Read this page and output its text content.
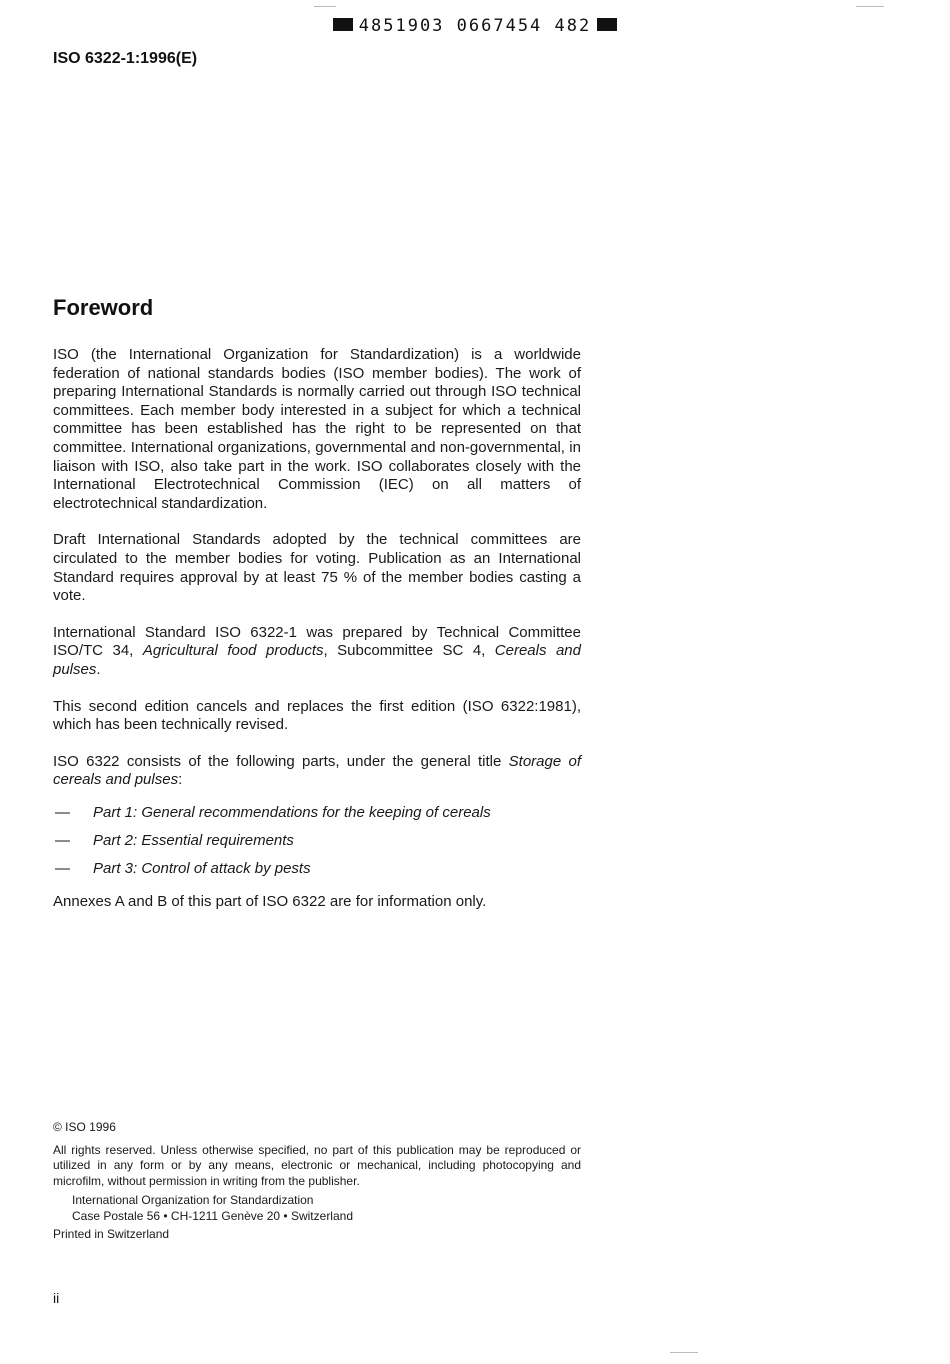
4851903 0667454 482
ISO 6322-1:1996(E)
Foreword

ISO (the International Organization for Standardization) is a worldwide federation of national standards bodies (ISO member bodies). The work of preparing International Standards is normally carried out through ISO technical committees. Each member body interested in a subject for which a technical committee has been established has the right to be represented on that committee. International organizations, governmental and non-governmental, in liaison with ISO, also take part in the work. ISO collaborates closely with the International Electrotechnical Commission (IEC) on all matters of electrotechnical standardization.

Draft International Standards adopted by the technical committees are circulated to the member bodies for voting. Publication as an International Standard requires approval by at least 75 % of the member bodies casting a vote.

International Standard ISO 6322-1 was prepared by Technical Committee ISO/TC 34, Agricultural food products, Subcommittee SC 4, Cereals and pulses.

This second edition cancels and replaces the first edition (ISO 6322:1981), which has been technically revised.

ISO 6322 consists of the following parts, under the general title Storage of cereals and pulses:

— Part 1: General recommendations for the keeping of cereals
— Part 2: Essential requirements
— Part 3: Control of attack by pests

Annexes A and B of this part of ISO 6322 are for information only.

© ISO 1996
All rights reserved. Unless otherwise specified, no part of this publication may be reproduced or utilized in any form or by any means, electronic or mechanical, including photocopying and microfilm, without permission in writing from the publisher.
International Organization for Standardization
Case Postale 56 • CH-1211 Genève 20 • Switzerland
Printed in Switzerland
ii
